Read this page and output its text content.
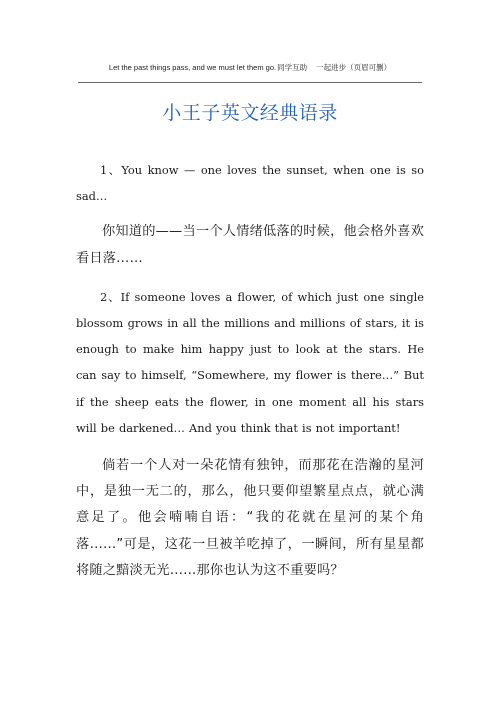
Let the past things pass, and we must let them go.同学互助 一起进步（页眉可删）
小王子英文经典语录

1、You know — one loves the sunset, when one is so sad…

你知道的——当一个人情绪低落的时候，他会格外喜欢看日落……

2、If someone loves a flower, of which just one single blossom grows in all the millions and millions of stars, it is enough to make him happy just to look at the stars. He can say to himself, “Somewhere, my flower is there…” But if the sheep eats the flower, in one moment all his stars will be darkened… And you think that is not important!

倘若一个人对一朵花情有独钟，而那花在浩瀚的星河中，是独一无二的，那么，他只要仰望繁星点点，就心满意足了。他会喃喃自语：“我的花就在星河的某个角落……”可是，这花一旦被羊吃掉了，一瞬间，所有星星都将随之黯淡无光……那你也认为这不重要吗？
